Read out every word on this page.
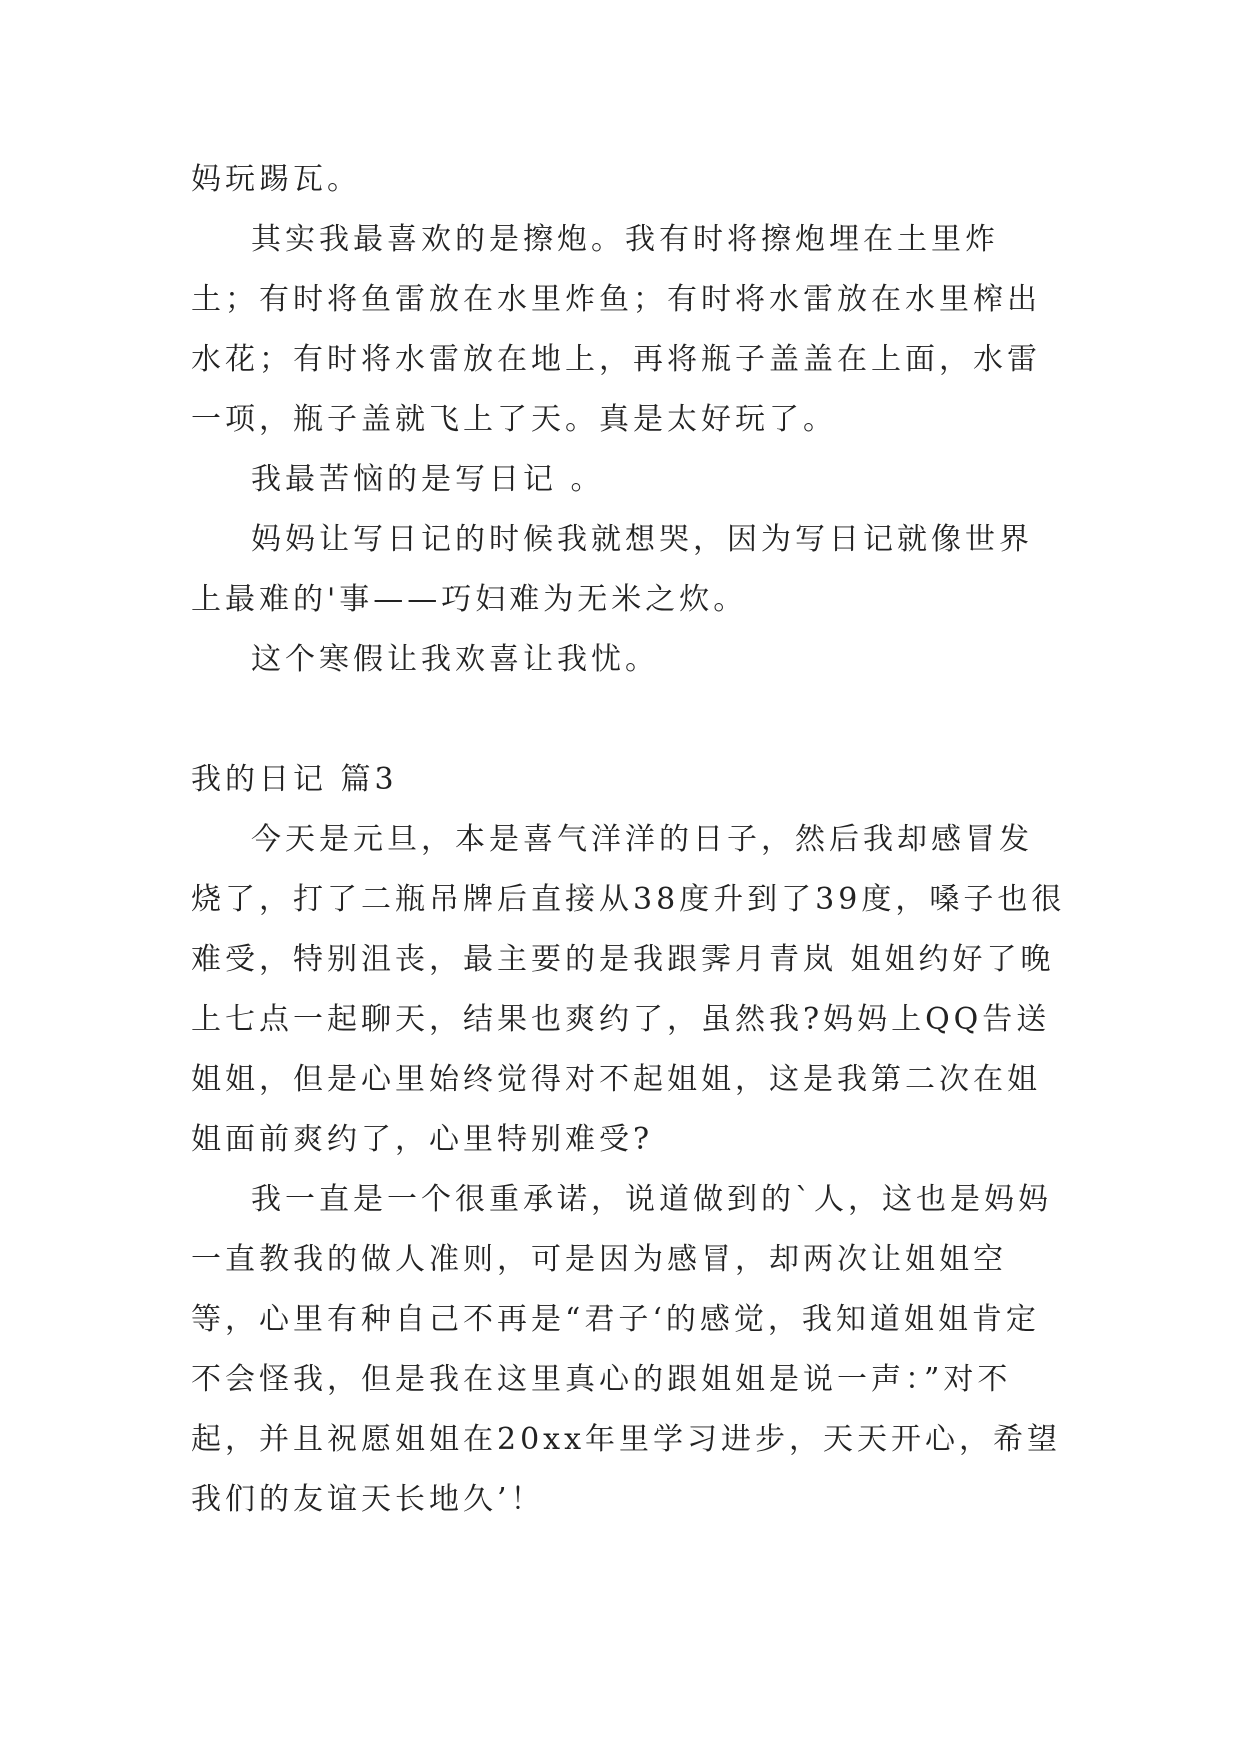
妈玩踢瓦。

其实我最喜欢的是擦炮。我有时将擦炮埋在土里炸土；有时将鱼雷放在水里炸鱼；有时将水雷放在水里榨出水花；有时将水雷放在地上，再将瓶子盖盖在上面，水雷一项，瓶子盖就飞上了天。真是太好玩了。

我最苦恼的是写日记 。

妈妈让写日记的时候我就想哭，因为写日记就像世界上最难的'事——巧妇难为无米之炊。

这个寒假让我欢喜让我忧。

我的日记 篇3

今天是元旦，本是喜气洋洋的日子，然后我却感冒发烧了，打了二瓶吊牌后直接从38度升到了39度，嗓子也很难受，特别沮丧，最主要的是我跟霁月青岚 姐姐约好了晚上七点一起聊天，结果也爽约了，虽然我?妈妈上QQ告送姐姐，但是心里始终觉得对不起姐姐，这是我第二次在姐姐面前爽约了，心里特别难受?

我一直是一个很重承诺，说道做到的`人，这也是妈妈一直教我的做人准则，可是因为感冒，却两次让姐姐空等，心里有种自己不再是“君子‘的感觉，我知道姐姐肯定不会怪我，但是我在这里真心的跟姐姐是说一声：”对不起，并且祝愿姐姐在20xx年里学习进步，天天开心，希望我们的友谊天长地久’！
